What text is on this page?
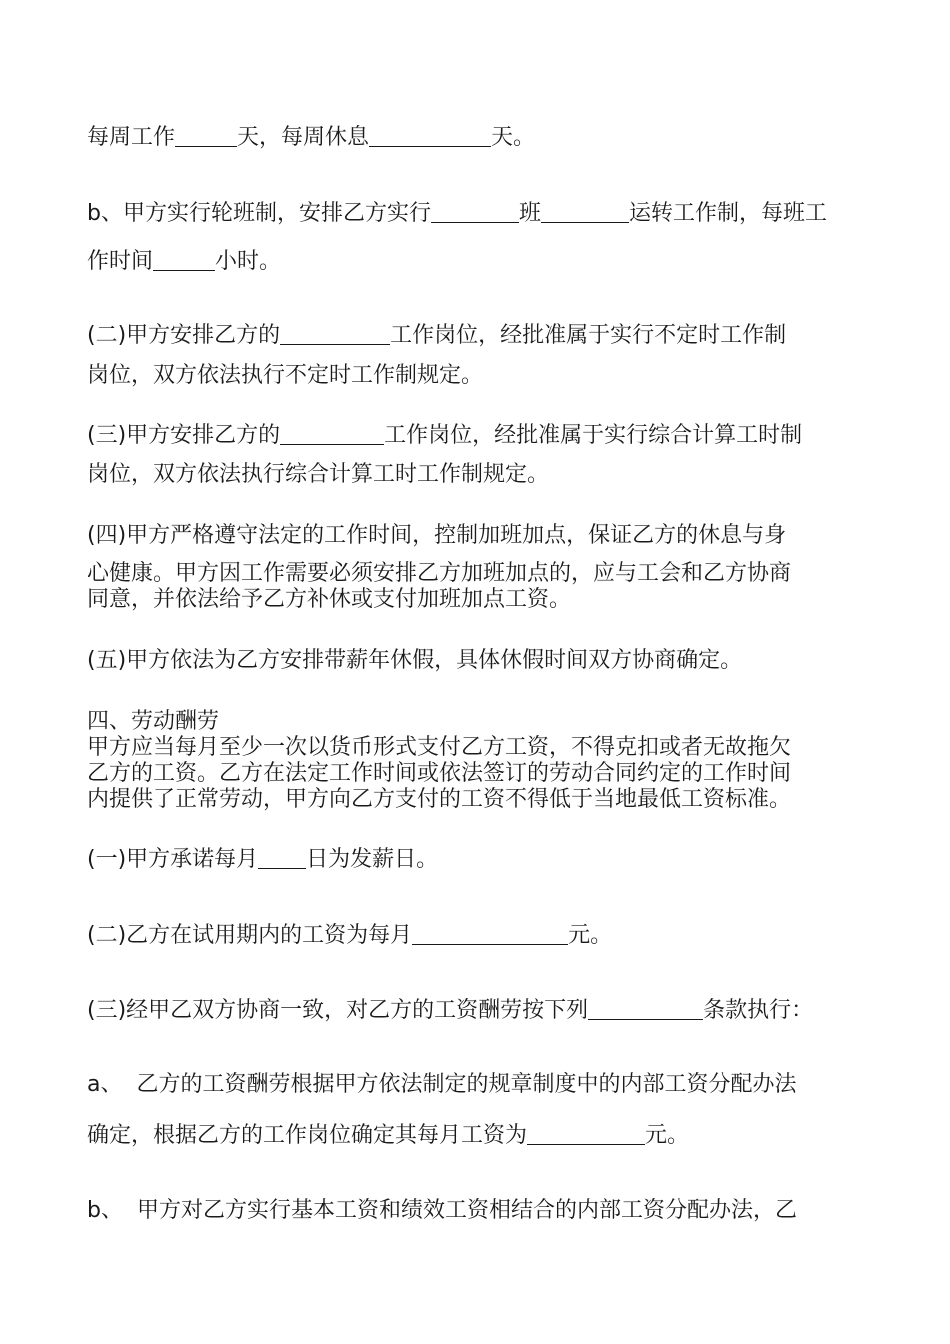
每周工作	天，每周休息	天。

b、甲方实行轮班制，安排乙方实行	班	运转工作制，每班工

作时间	小时。

(二)甲方安排乙方的	工作岗位，经批准属于实行不定时工作制

岗位，双方依法执行不定时工作制规定。

(三)甲方安排乙方的	工作岗位，经批准属于实行综合计算工时制

岗位，双方依法执行综合计算工时工作制规定。

(四)甲方严格遵守法定的工作时间，控制加班加点，保证乙方的休息与身

心健康。甲方因工作需要必须安排乙方加班加点的，应与工会和乙方协商

同意，并依法给予乙方补休或支付加班加点工资。

(五)甲方依法为乙方安排带薪年休假，具体休假时间双方协商确定。

四、劳动酬劳

甲方应当每月至少一次以货币形式支付乙方工资，不得克扣或者无故拖欠

乙方的工资。乙方在法定工作时间或依法签订的劳动合同约定的工作时间

内提供了正常劳动，甲方向乙方支付的工资不得低于当地最低工资标准。

(一)甲方承诺每月 日为发薪日。

(二)乙方在试用期内的工资为每月	元。

(三)经甲乙双方协商一致，对乙方的工资酬劳按下列	条款执行：

a、 乙方的工资酬劳根据甲方依法制定的规章制度中的内部工资分配办法

确定，根据乙方的工作岗位确定其每月工资为	元。

b、 甲方对乙方实行基本工资和绩效工资相结合的内部工资分配办法，乙
